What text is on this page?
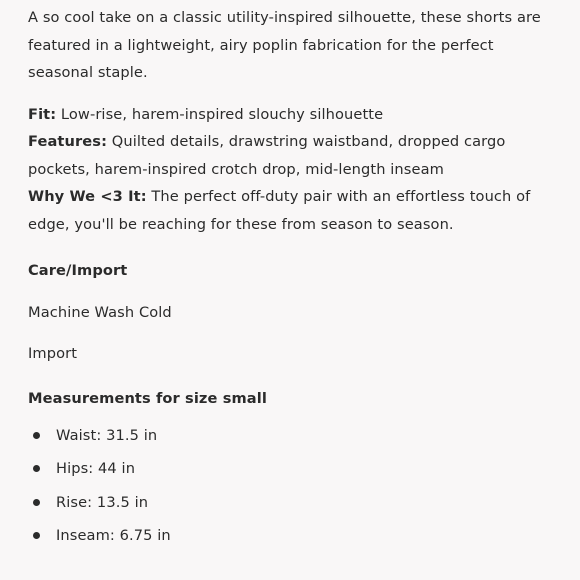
A so cool take on a classic utility-inspired silhouette, these shorts are featured in a lightweight, airy poplin fabrication for the perfect seasonal staple.

Fit: Low-rise, harem-inspired slouchy silhouette

Features: Quilted details, drawstring waistband, dropped cargo pockets, harem-inspired crotch drop, mid-length inseam

Why We <3 It: The perfect off-duty pair with an effortless touch of edge, you'll be reaching for these from season to season.

Care/Import

Machine Wash Cold

Import

Measurements for size small

Waist: 31.5 in
Hips: 44 in
Rise: 13.5 in
Inseam: 6.75 in
